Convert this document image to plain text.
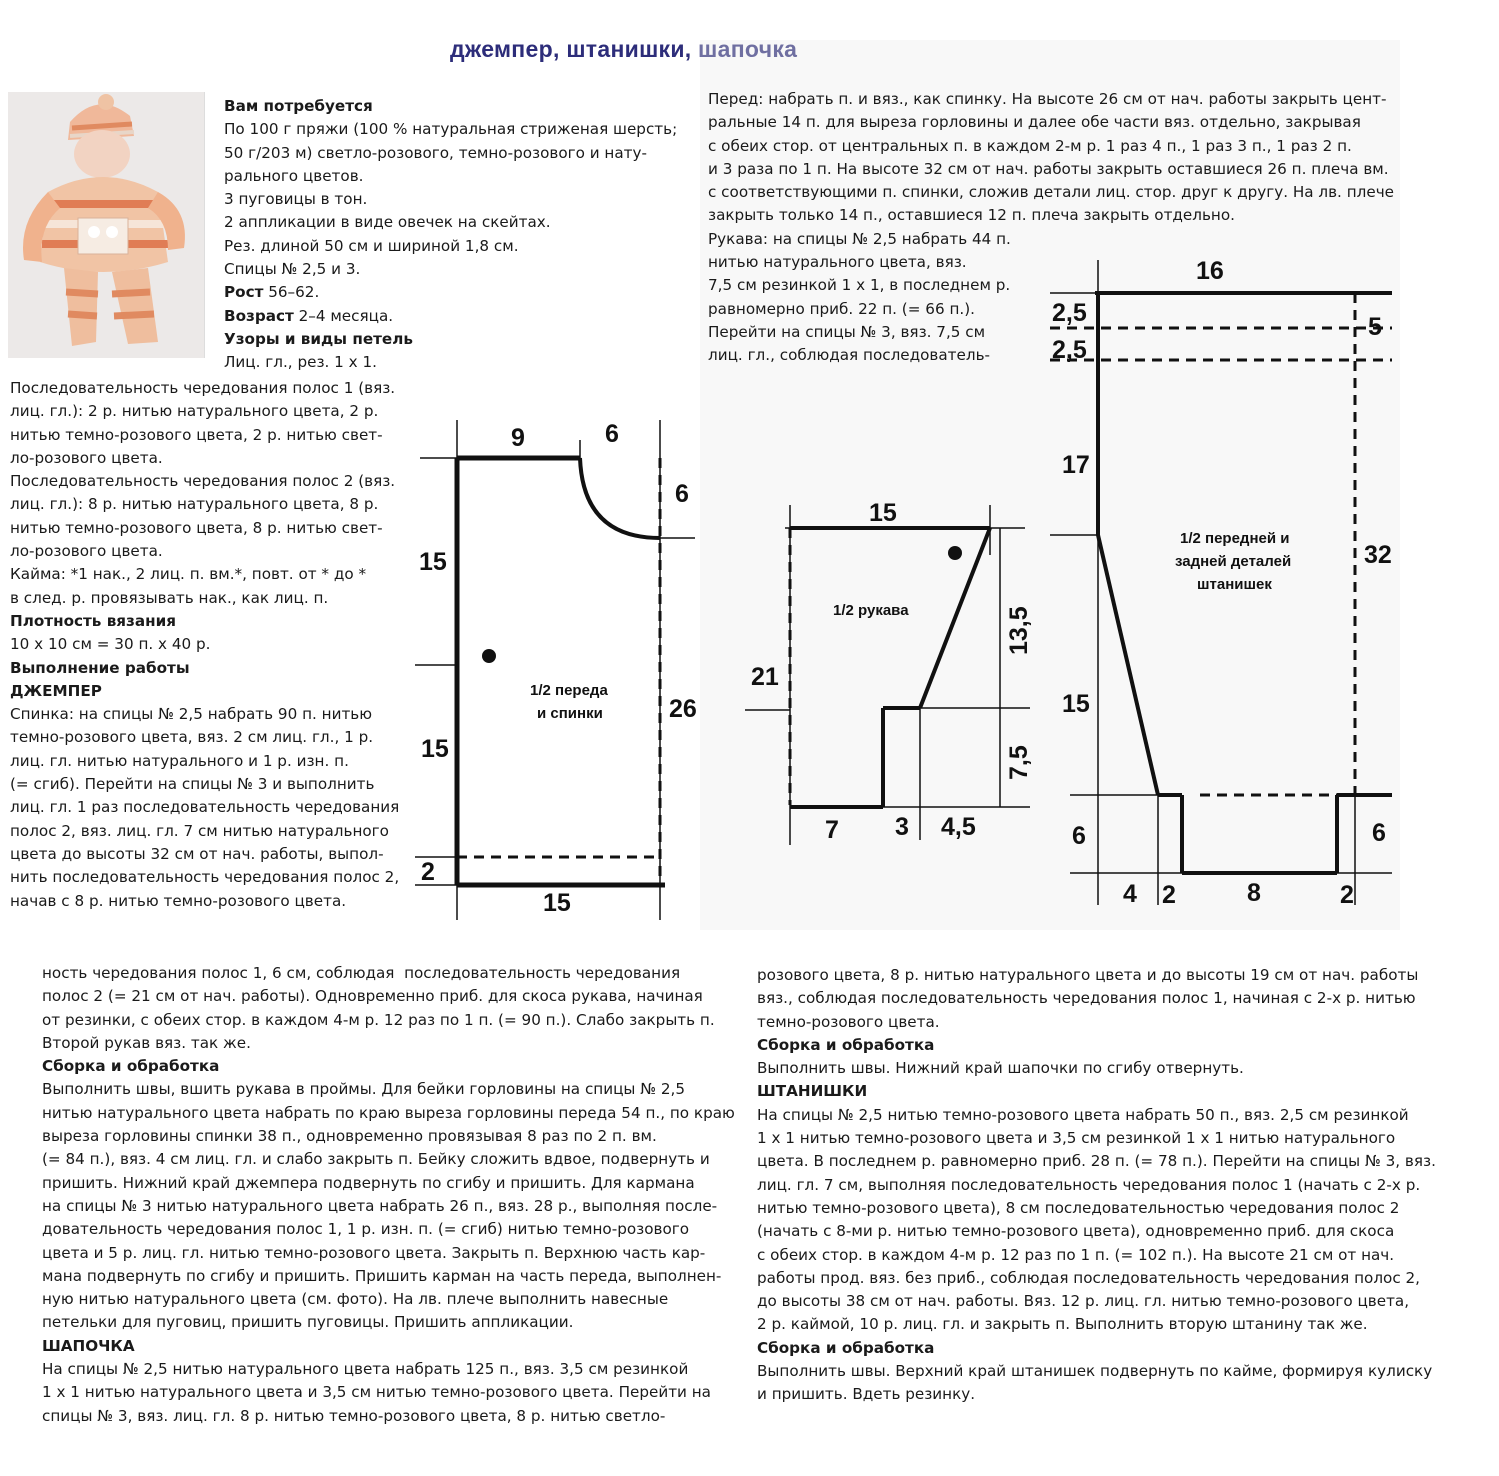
джемпер, штанишки, шапочка

Вам потребуется

По 100 г пряжи (100 % натуральная стриженая шерсть;

50 г/203 м) светло-розового, темно-розового и нату-

рального цветов.

3 пуговицы в тон.

2 аппликации в виде овечек на скейтах.

Рез. длиной 50 см и шириной 1,8 см.

Спицы № 2,5 и 3.

Рост 56–62.

Возраст 2–4 месяца.

Узоры и виды петель

Лиц. гл., рез. 1 х 1.

Последовательность чередования полос 1 (вяз.

лиц. гл.): 2 р. нитью натурального цвета, 2 р.

нитью темно-розового цвета, 2 р. нитью свет-

ло-розового цвета.

Последовательность чередования полос 2 (вяз.

лиц. гл.): 8 р. нитью натурального цвета, 8 р.

нитью темно-розового цвета, 8 р. нитью свет-

ло-розового цвета.

Кайма: *1 нак., 2 лиц. п. вм.*, повт. от * до *

в след. р. провязывать нак., как лиц. п.

Плотность вязания

10 х 10 см = 30 п. х 40 р.

Выполнение работы

ДЖЕМПЕР

Спинка: на спицы № 2,5 набрать 90 п. нитью

темно-розового цвета, вяз. 2 см лиц. гл., 1 р.

лиц. гл. нитью натурального и 1 р. изн. п.

(= сгиб). Перейти на спицы № 3 и выполнить

лиц. гл. 1 раз последовательность чередования

полос 2, вяз. лиц. гл. 7 см нитью натурального

цвета до высоты 32 см от нач. работы, выпол-

нить последовательность чередования полос 2,

начав с 8 р. нитью темно-розового цвета.

Перед: набрать п. и вяз., как спинку. На высоте 26 см от нач. работы закрыть цент-

ральные 14 п. для выреза горловины и далее обе части вяз. отдельно, закрывая

с обеих стор. от центральных п. в каждом 2-м р. 1 раз 4 п., 1 раз 3 п., 1 раз 2 п.

и 3 раза по 1 п. На высоте 32 см от нач. работы закрыть оставшиеся 26 п. плеча вм.

с соответствующими п. спинки, сложив детали лиц. стор. друг к другу. На лв. плече

закрыть только 14 п., оставшиеся 12 п. плеча закрыть отдельно.

Рукава: на спицы № 2,5 набрать 44 п.

нитью натурального цвета, вяз.

7,5 см резинкой 1 х 1, в последнем р.

равномерно приб. 22 п. (= 66 п.).

Перейти на спицы № 3, вяз. 7,5 см

лиц. гл., соблюдая последователь-

ность чередования полос 1, 6 см, соблюдая  последовательность чередования

полос 2 (= 21 см от нач. работы). Одновременно приб. для скоса рукава, начиная

от резинки, с обеих стор. в каждом 4-м р. 12 раз по 1 п. (= 90 п.). Слабо закрыть п.

Второй рукав вяз. так же.

Сборка и обработка

Выполнить швы, вшить рукава в проймы. Для бейки горловины на спицы № 2,5

нитью натурального цвета набрать по краю выреза горловины переда 54 п., по краю

выреза горловины спинки 38 п., одновременно провязывая 8 раз по 2 п. вм.

(= 84 п.), вяз. 4 см лиц. гл. и слабо закрыть п. Бейку сложить вдвое, подвернуть и

пришить. Нижний край джемпера подвернуть по сгибу и пришить. Для кармана

на спицы № 3 нитью натурального цвета набрать 26 п., вяз. 28 р., выполняя после-

довательность чередования полос 1, 1 р. изн. п. (= сгиб) нитью темно-розового

цвета и 5 р. лиц. гл. нитью темно-розового цвета. Закрыть п. Верхнюю часть кар-

мана подвернуть по сгибу и пришить. Пришить карман на часть переда, выполнен-

ную нитью натурального цвета (см. фото). На лв. плече выполнить навесные

петельки для пуговиц, пришить пуговицы. Пришить аппликации.

ШАПОЧКА

На спицы № 2,5 нитью натурального цвета набрать 125 п., вяз. 3,5 см резинкой

1 х 1 нитью натурального цвета и 3,5 см нитью темно-розового цвета. Перейти на

спицы № 3, вяз. лиц. гл. 8 р. нитью темно-розового цвета, 8 р. нитью светло-

розового цвета, 8 р. нитью натурального цвета и до высоты 19 см от нач. работы

вяз., соблюдая последовательность чередования полос 1, начиная с 2-х р. нитью

темно-розового цвета.

Сборка и обработка

Выполнить швы. Нижний край шапочки по сгибу отвернуть.

ШТАНИШКИ

На спицы № 2,5 нитью темно-розового цвета набрать 50 п., вяз. 2,5 см резинкой

1 х 1 нитью темно-розового цвета и 3,5 см резинкой 1 х 1 нитью натурального

цвета. В последнем р. равномерно приб. 28 п. (= 78 п.). Перейти на спицы № 3, вяз.

лиц. гл. 7 см, выполняя последовательность чередования полос 1 (начать с 2-х р.

нитью темно-розового цвета), 8 см последовательностью чередования полос 2

(начать с 8-ми р. нитью темно-розового цвета), одновременно приб. для скоса

с обеих стор. в каждом 4-м р. 12 раз по 1 п. (= 102 п.). На высоте 21 см от нач.

работы прод. вяз. без приб., соблюдая последовательность чередования полос 2,

до высоты 38 см от нач. работы. Вяз. 12 р. лиц. гл. нитью темно-розового цвета,

2 р. каймой, 10 р. лиц. гл. и закрыть п. Выполнить вторую штанину так же.

Сборка и обработка

Выполнить швы. Верхний край штанишек подвернуть по кайме, формируя кулиску

и пришить. Вдеть резинку.

9	6
6
15
15
26
2
15
1/2 переда
и спинки
15
21
13,5
7,5
7 3 4,5
1/2 рукава
16
2,5
2,5
5
17
32
15
6	6
4 2	8	2
1/2 передней и
задней деталей
штанишек
